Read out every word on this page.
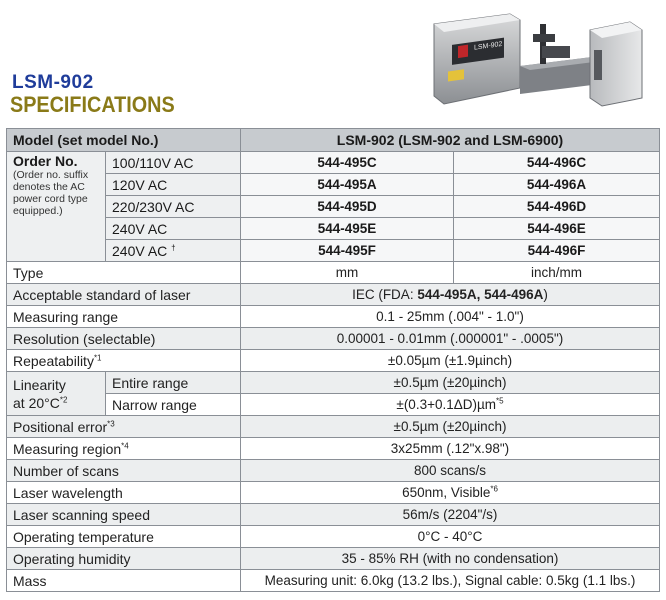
LSM-902
SPECIFICATIONS
LSM-902
Model (set model No.)		LSM-902 (LSM-902 and LSM-6900)	

Order No.
(Order no. suffix denotes the AC power cord type equipped.)	100/110V AC	544-495C	544-496C
	120V AC	544-495A	544-496A
	220/230V AC	544-495D	544-496D
	240V AC	544-495E	544-496E
	240V AC †	544-495F	544-496F
Type		mm	inch/mm
Acceptable standard of laser		IEC (FDA: 544-495A, 544-496A)	
Measuring range		0.1 - 25mm (.004" - 1.0")	
Resolution (selectable)		0.00001 - 0.01mm (.000001" - .0005")	
Repeatability$^{*1}$		±0.05µm (±1.9µinch)	
Linearity
at $20^\circ C^{*2}$	Entire range	±0.5µm (±20µinch)	
	Narrow range	±(0.3+0.1ΔD)µm$^{*5}$
Positional error$^{*3}$		±0.5µm (±20µinch)	
Measuring region$^{*4}$		3x25mm (.12"x.98")	
Number of scans		800 scans/s	
Laser wavelength		650nm, Visible$^{*6}$
Laser scanning speed		56m/s (2204"/s)	
Operating temperature		0°C - 40°C	
Operating humidity		35 - 85% RH (with no condensation)	
Mass		Measuring unit: 6.0kg (13.2 lbs.), Signal cable: 0.5kg (1.1 lbs.)	
